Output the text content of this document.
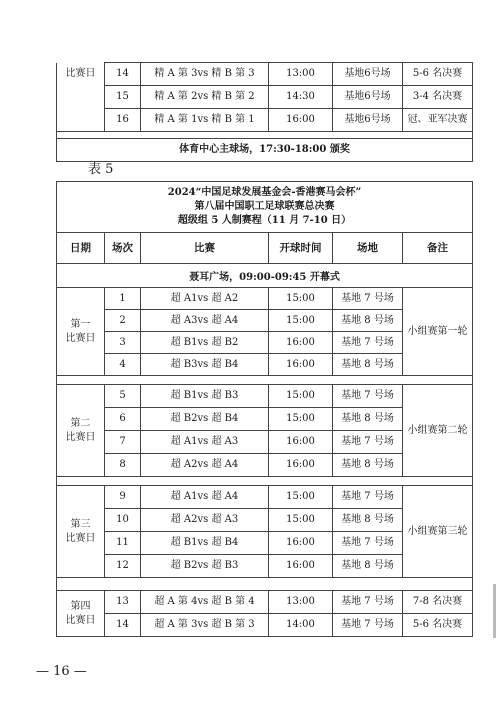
比赛日	14	精 A 第 3vs 精 B 第 3	13:00	基地6号场	5-6 名决赛
	15	精 A 第 2vs 精 B 第 2	14:30	基地6号场	3-4 名决赛
	16	精 A 第 1vs 精 B 第 1	16:00	基地6号场	冠、亚军决赛

体育中心主球场，17:30-18:00 颁奖					
表 5
2024“中国足球发展基金会-香港赛马会杯”
第八届中国职工足球联赛总决赛
超级组 5 人制赛程（11 月 7-10 日）					

日期	场次	比赛	开球时间	场地	备注

聂耳广场，09:00-09:45 开幕式					
第一
比赛日	1	超 A1vs 超 A2	15:00	基地 7 号场	小组赛第一轮
	2	超 A3vs 超 A4	15:00	基地 8 号场	
	3	超 B1vs 超 B2	16:00	基地 7 号场	
	4	超 B3vs 超 B4	16:00	基地 8 号场	

第二
比赛日	5	超 B1vs 超 B3	15:00	基地 7 号场	小组赛第二轮
	6	超 B2vs 超 B4	15:00	基地 8 号场	
	7	超 A1vs 超 A3	16:00	基地 7 号场	
	8	超 A2vs 超 A4	16:00	基地 8 号场	

第三
比赛日	9	超 A1vs 超 A4	15:00	基地 7 号场	小组赛第三轮
	10	超 A2vs 超 A3	15:00	基地 8 号场	
	11	超 B1vs 超 B4	16:00	基地 7 号场	
	12	超 B2vs 超 B3	16:00	基地 8 号场	

第四
比赛日	13	超 A 第 4vs 超 B 第 4	13:00	基地 7 号场	7-8 名决赛
	14	超 A 第 3vs 超 B 第 3	14:00	基地 7 号场	5-6 名决赛
— 16 —
